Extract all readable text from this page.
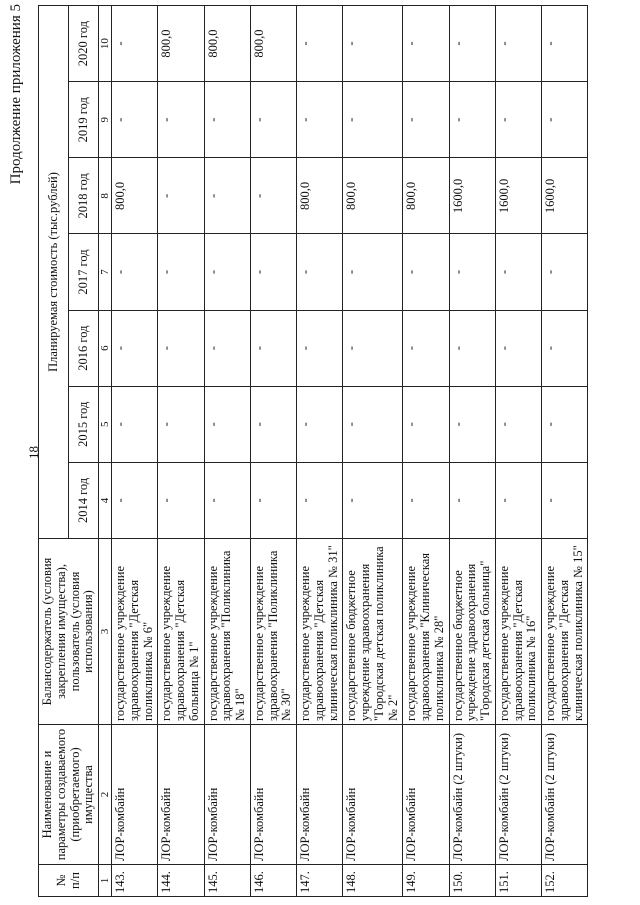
18
Продолжение приложения 5
№ п/п	Наименование и параметры создаваемого (приобретаемого) имущества	Балансодержатель (условия закрепления имущества), пользователь (условия использования)	Планируемая стоимость (тыс.рублей)						
			2014 год	2015 год	2016 год	2017 год	2018 год	2019 год	2020 год
1	2	3	4	5	6	7	8	9	10
143.	ЛОР-комбайн	государственное учреждение здравоохранения "Детская поликлиника № 6"	-	-	-	-	800,0	-	-
144.	ЛОР-комбайн	государственное учреждение здравоохранения "Детская больница № 1"	-	-	-	-	-	-	800,0
145.	ЛОР-комбайн	государственное учреждение здравоохранения "Поликлиника № 18"	-	-	-	-	-	-	800,0
146.	ЛОР-комбайн	государственное учреждение здравоохранения "Поликлиника № 30"	-	-	-	-	-	-	800,0
147.	ЛОР-комбайн	государственное учреждение здравоохранения "Детская клиническая поликлиника № 31"	-	-	-	-	800,0	-	-
148.	ЛОР-комбайн	государственное бюджетное учреждение здравоохранения "Городская детская поликлиника № 2"	-	-	-	-	800,0	-	-
149.	ЛОР-комбайн	государственное учреждение здравоохранения "Клиническая поликлиника № 28"	-	-	-	-	800,0	-	-
150.	ЛОР-комбайн (2 штуки)	государственное бюджетное учреждение здравоохранения "Городская детская больница"	-	-	-	-	1600,0	-	-
151.	ЛОР-комбайн (2 штуки)	государственное учреждение здравоохранения "Детская поликлиника № 16"	-	-	-	-	1600,0	-	-
152.	ЛОР-комбайн (2 штуки)	государственное учреждение здравоохранения "Детская клиническая поликлиника № 15"	-	-	-	-	1600,0	-	-
